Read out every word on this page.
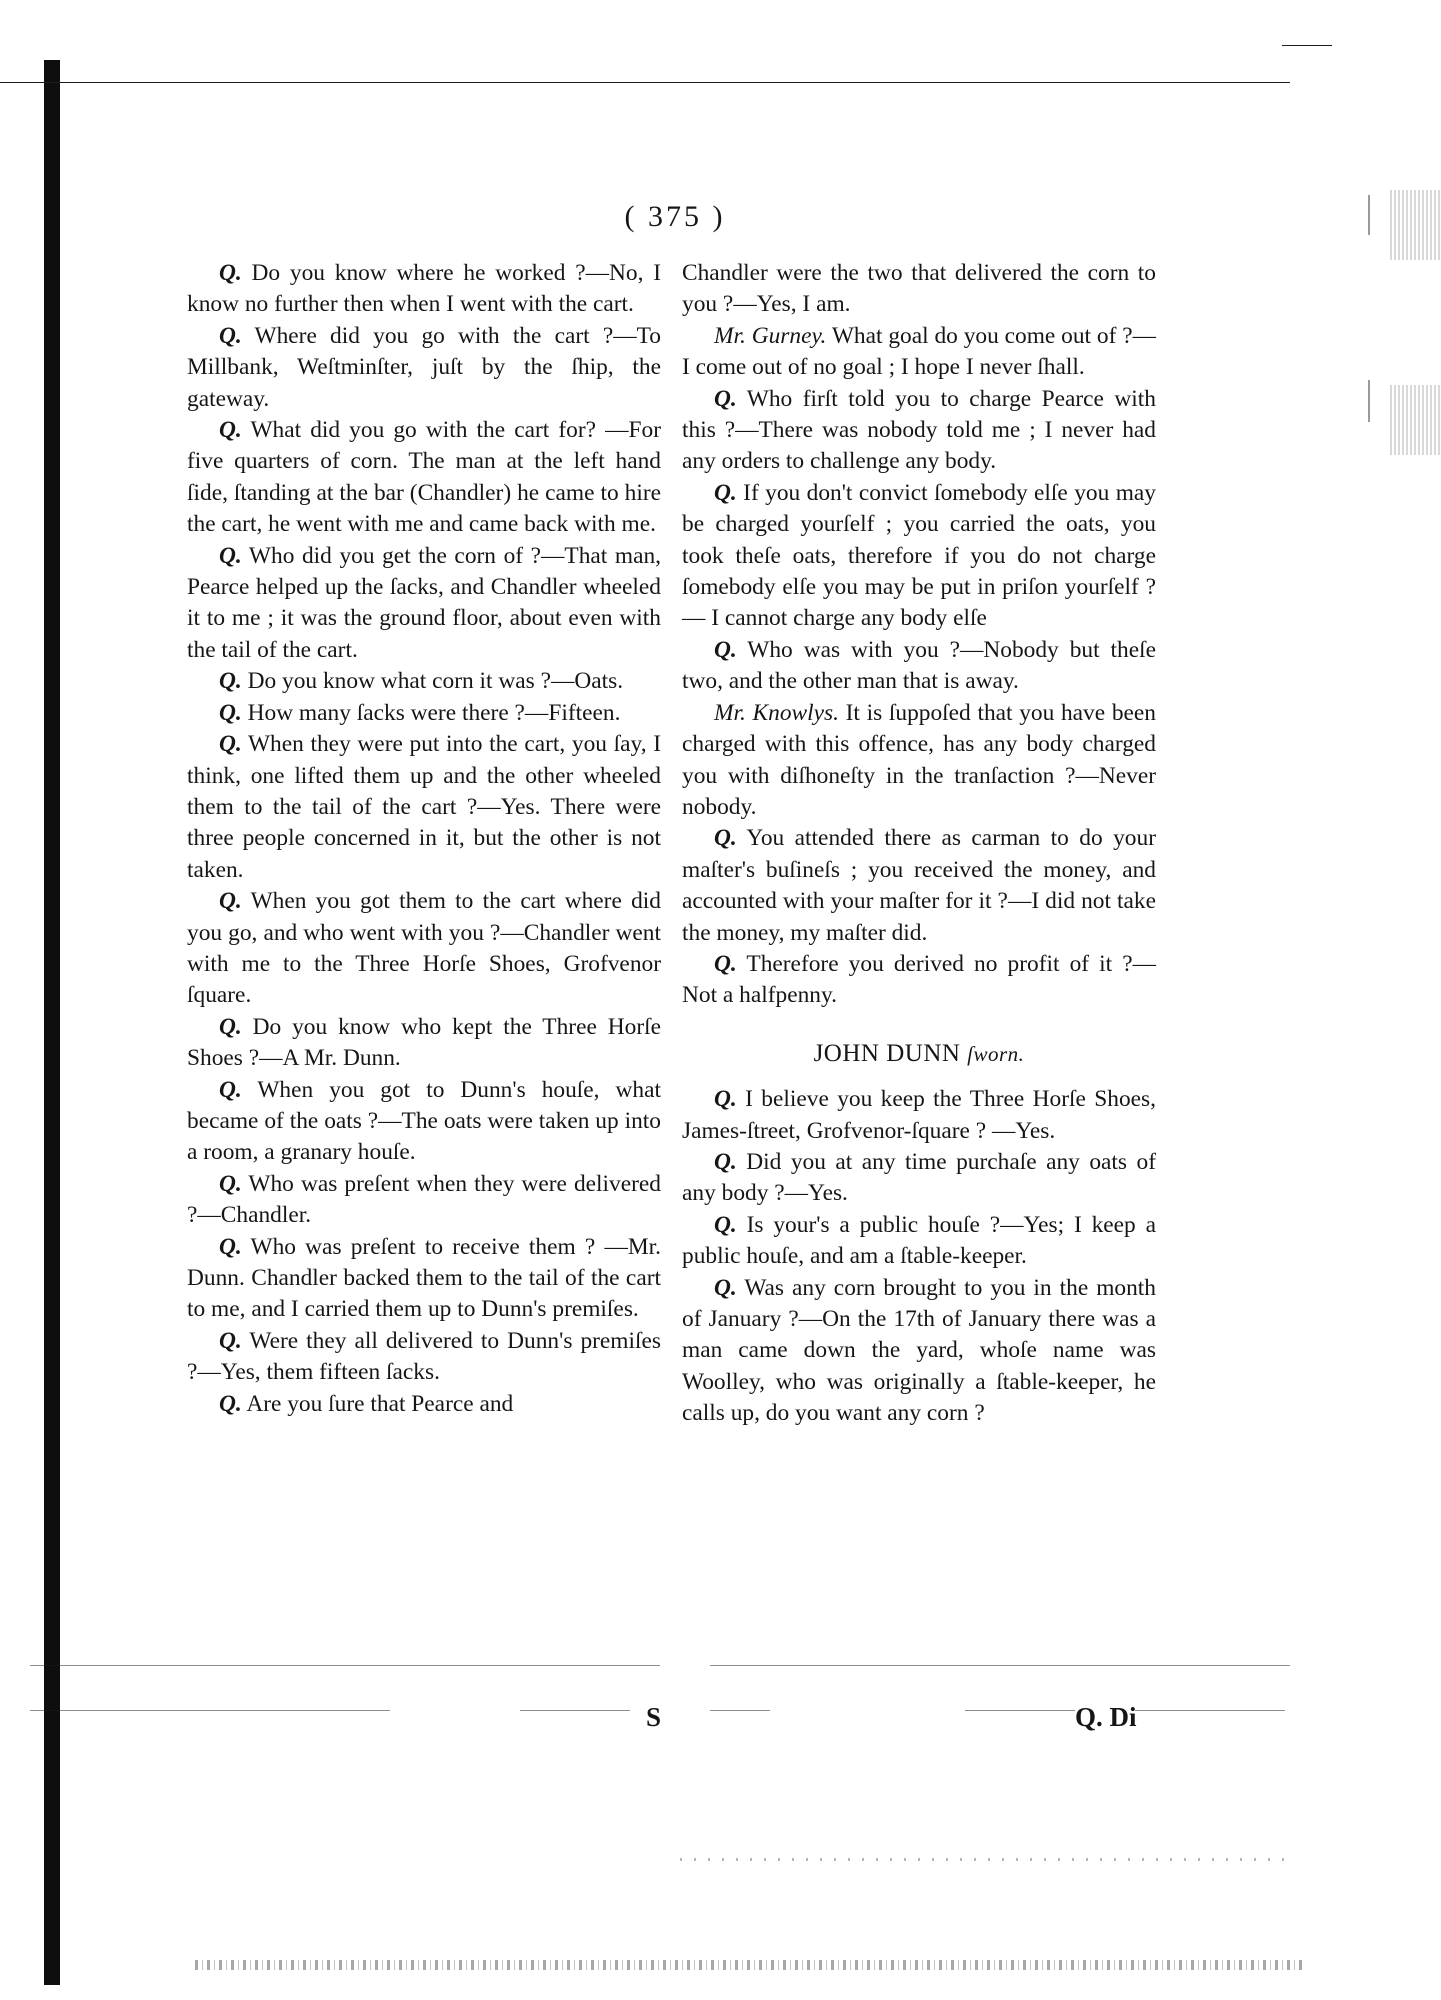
( 375 )

Q. Do you know where he worked ?—No, I know no further then when I went with the cart.

Q. Where did you go with the cart ?—To Millbank, Weſtminſter, juſt by the ſhip, the gateway.

Q. What did you go with the cart for? —For five quarters of corn. The man at the left hand ſide, ſtanding at the bar (Chandler) he came to hire the cart, he went with me and came back with me.

Q. Who did you get the corn of ?—That man, Pearce helped up the ſacks, and Chandler wheeled it to me ; it was the ground floor, about even with the tail of the cart.

Q. Do you know what corn it was ?—Oats.

Q. How many ſacks were there ?—Fifteen.

Q. When they were put into the cart, you ſay, I think, one lifted them up and the other wheeled them to the tail of the cart ?—Yes. There were three people concerned in it, but the other is not taken.

Q. When you got them to the cart where did you go, and who went with you ?—Chandler went with me to the Three Horſe Shoes, Grofvenor ſquare.

Q. Do you know who kept the Three Horſe Shoes ?—A Mr. Dunn.

Q. When you got to Dunn's houſe, what became of the oats ?—The oats were taken up into a room, a granary houſe.

Q. Who was preſent when they were delivered ?—Chandler.

Q. Who was preſent to receive them ? —Mr. Dunn. Chandler backed them to the tail of the cart to me, and I carried them up to Dunn's premiſes.

Q. Were they all delivered to Dunn's premiſes ?—Yes, them fifteen ſacks.

Q. Are you ſure that Pearce and

Chandler were the two that delivered the corn to you ?—Yes, I am.

Mr. Gurney. What goal do you come out of ?—I come out of no goal ; I hope I never ſhall.

Q. Who firſt told you to charge Pearce with this ?—There was nobody told me ; I never had any orders to challenge any body.

Q. If you don't convict ſomebody elſe you may be charged yourſelf ; you carried the oats, you took theſe oats, therefore if you do not charge ſomebody elſe you may be put in priſon yourſelf ?— I cannot charge any body elſe

Q. Who was with you ?—Nobody but theſe two, and the other man that is away.

Mr. Knowlys. It is ſuppoſed that you have been charged with this offence, has any body charged you with diſhoneſty in the tranſaction ?—Never nobody.

Q. You attended there as carman to do your maſter's buſineſs ; you received the money, and accounted with your maſter for it ?—I did not take the money, my maſter did.

Q. Therefore you derived no profit of it ?—Not a halfpenny.

JOHN DUNN ſworn.

Q. I believe you keep the Three Horſe Shoes, James-ſtreet, Grofvenor-ſquare ? —Yes.

Q. Did you at any time purchaſe any oats of any body ?—Yes.

Q. Is your's a public houſe ?—Yes; I keep a public houſe, and am a ſtable-keeper.

Q. Was any corn brought to you in the month of January ?—On the 17th of January there was a man came down the yard, whoſe name was Woolley, who was originally a ſtable-keeper, he calls up, do you want any corn ?

S	Q. Di
